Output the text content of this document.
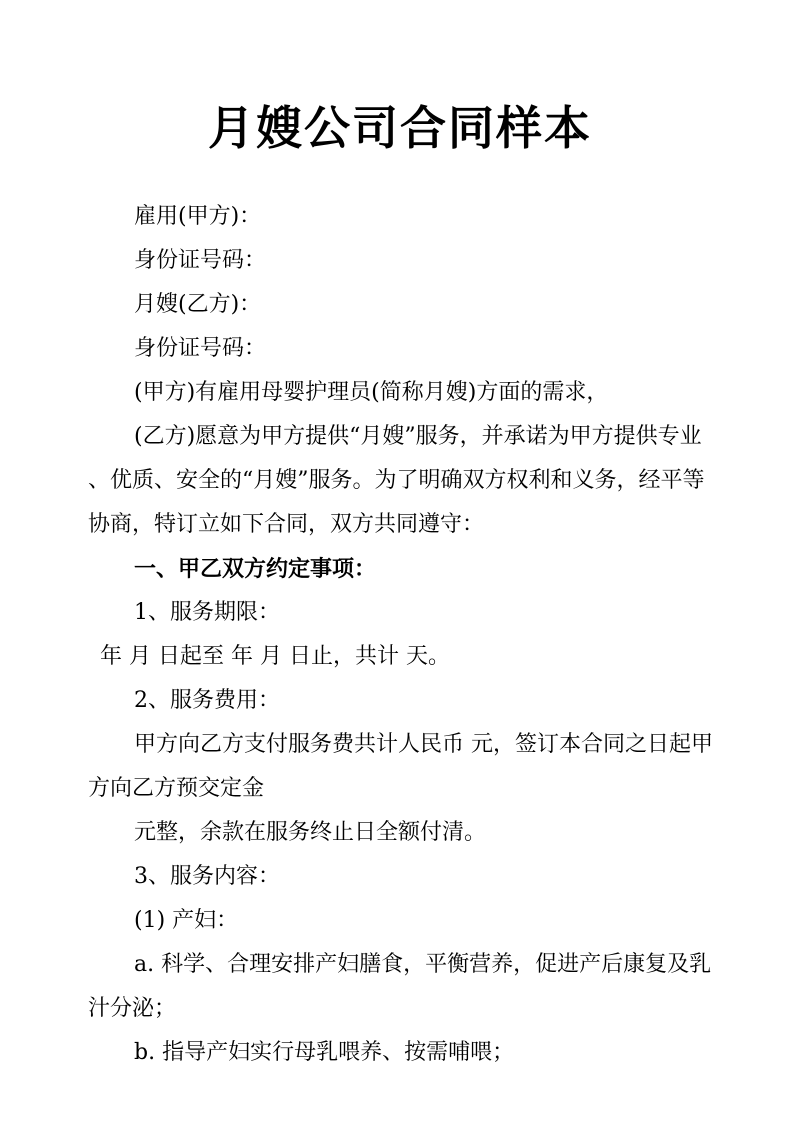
月嫂公司合同样本
雇用(甲方)：
身份证号码：
月嫂(乙方)：
身份证号码：
(甲方)有雇用母婴护理员(简称月嫂)方面的需求，
(乙方)愿意为甲方提供“月嫂”服务，并承诺为甲方提供专业
、优质、安全的“月嫂”服务。为了明确双方权利和义务，经平等
协商，特订立如下合同，双方共同遵守：
一、甲乙双方约定事项：
1、服务期限：
年 月 日起至 年 月 日止，共计 天。
2、服务费用：
甲方向乙方支付服务费共计人民币 元，签订本合同之日起甲
方向乙方预交定金
元整，余款在服务终止日全额付清。
3、服务内容：
(1) 产妇：
a. 科学、合理安排产妇膳食，平衡营养，促进产后康复及乳
汁分泌；
b. 指导产妇实行母乳喂养、按需哺喂；
